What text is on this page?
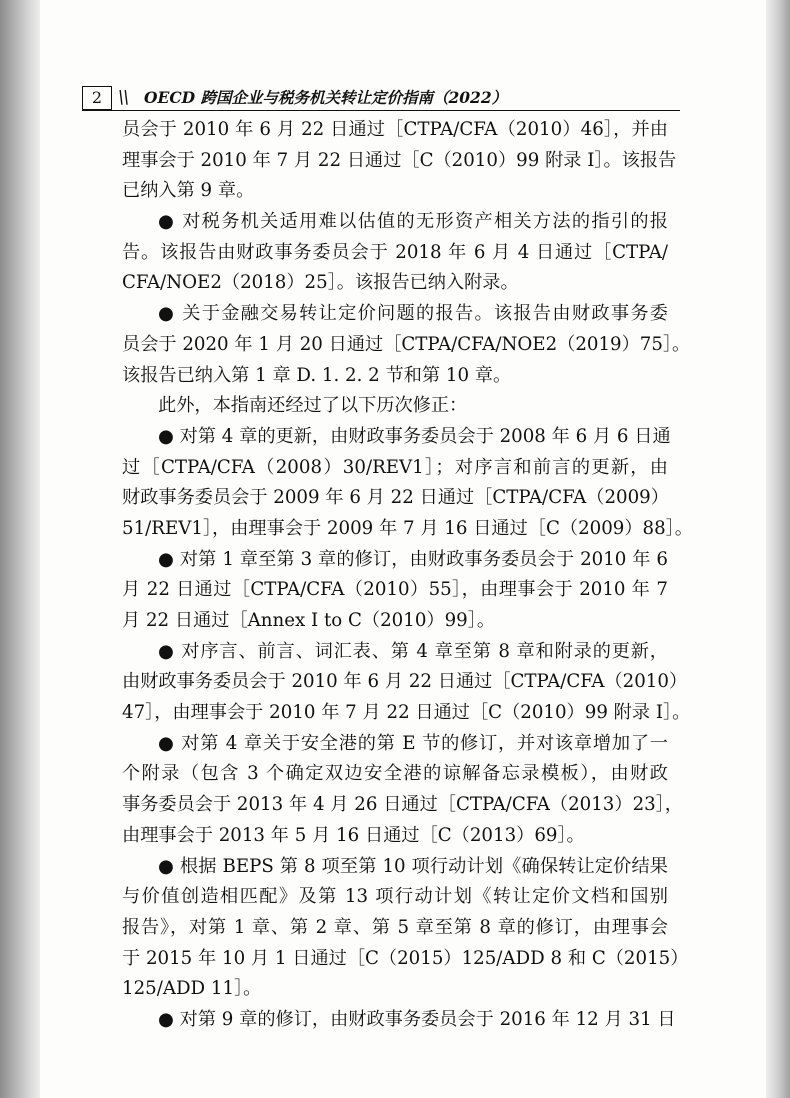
2 \\ OECD 跨国企业与税务机关转让定价指南（2022）
员会于 2010 年 6 月 22 日通过［CTPA/CFA（2010）46］，并由
理事会于 2010 年 7 月 22 日通过［C（2010）99 附录 I］。该报告
已纳入第 9 章。
● 对税务机关适用难以估值的无形资产相关方法的指引的报
告。该报告由财政事务委员会于 2018 年 6 月 4 日通过［CTPA/
CFA/NOE2（2018）25］。该报告已纳入附录。
● 关于金融交易转让定价问题的报告。该报告由财政事务委
员会于 2020 年 1 月 20 日通过［CTPA/CFA/NOE2（2019）75］。
该报告已纳入第 1 章 D. 1. 2. 2 节和第 10 章。
此外，本指南还经过了以下历次修正：
● 对第 4 章的更新，由财政事务委员会于 2008 年 6 月 6 日通
过［CTPA/CFA（2008）30/REV1］；对序言和前言的更新，由
财政事务委员会于 2009 年 6 月 22 日通过［CTPA/CFA（2009）
51/REV1］，由理事会于 2009 年 7 月 16 日通过［C（2009）88］。
● 对第 1 章至第 3 章的修订，由财政事务委员会于 2010 年 6
月 22 日通过［CTPA/CFA（2010）55］，由理事会于 2010 年 7
月 22 日通过［Annex I to C（2010）99］。
● 对序言、前言、词汇表、第 4 章至第 8 章和附录的更新，
由财政事务委员会于 2010 年 6 月 22 日通过［CTPA/CFA（2010）
47］，由理事会于 2010 年 7 月 22 日通过［C（2010）99 附录 I］。
● 对第 4 章关于安全港的第 E 节的修订，并对该章增加了一
个附录（包含 3 个确定双边安全港的谅解备忘录模板），由财政
事务委员会于 2013 年 4 月 26 日通过［CTPA/CFA（2013）23］，
由理事会于 2013 年 5 月 16 日通过［C（2013）69］。
● 根据 BEPS 第 8 项至第 10 项行动计划《确保转让定价结果
与价值创造相匹配》及第 13 项行动计划《转让定价文档和国别
报告》，对第 1 章、第 2 章、第 5 章至第 8 章的修订，由理事会
于 2015 年 10 月 1 日通过［C（2015）125/ADD 8 和 C（2015）
125/ADD 11］。
● 对第 9 章的修订，由财政事务委员会于 2016 年 12 月 31 日
